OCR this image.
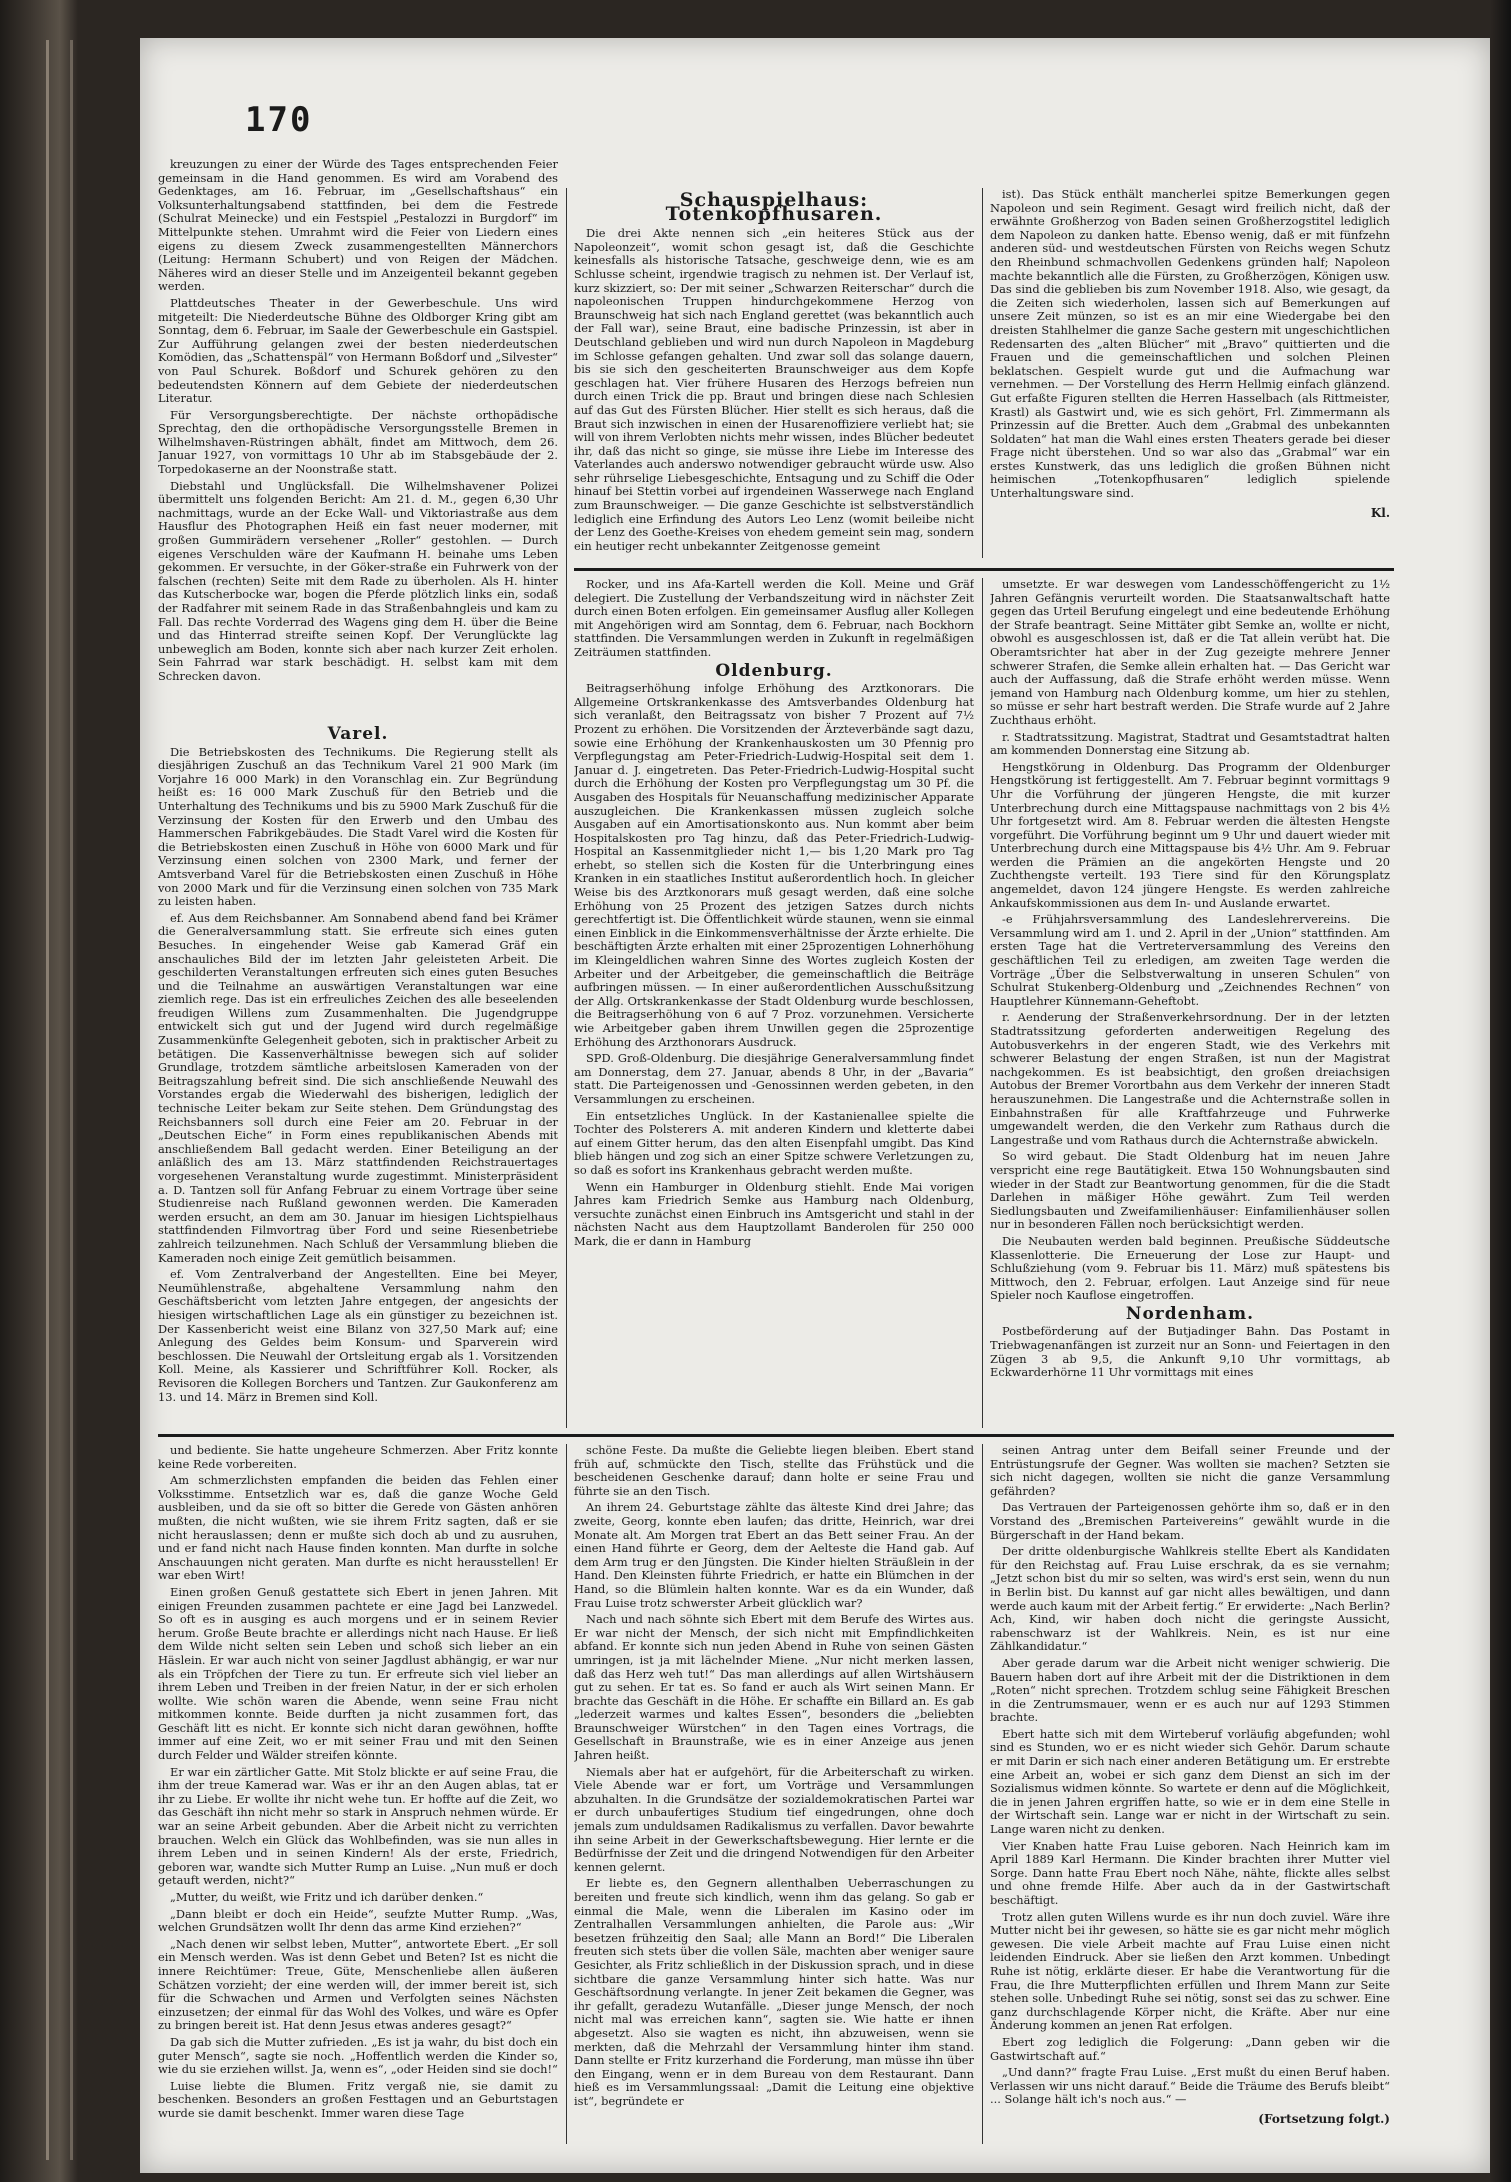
170

kreuzungen zu einer der Würde des Tages entsprechenden Feier gemeinsam in die Hand genommen. Es wird am Vorabend des Gedenktages, am 16. Februar, im „Gesellschaftshaus“ ein Volksunterhaltungsabend stattfinden, bei dem die Festrede (Schulrat Meinecke) und ein Festspiel „Pestalozzi in Burgdorf“ im Mittelpunkte stehen. Umrahmt wird die Feier von Liedern eines eigens zu diesem Zweck zusammengestellten Männerchors (Leitung: Hermann Schubert) und von Reigen der Mädchen. Näheres wird an dieser Stelle und im Anzeigenteil bekannt gegeben werden.

Plattdeutsches Theater in der Gewerbeschule. Uns wird mitgeteilt: Die Niederdeutsche Bühne des Oldborger Kring gibt am Sonntag, dem 6. Februar, im Saale der Gewerbeschule ein Gastspiel. Zur Aufführung gelangen zwei der besten niederdeutschen Komödien, das „Schattenspäl“ von Hermann Boßdorf und „Silvester“ von Paul Schurek. Boßdorf und Schurek gehören zu den bedeutendsten Könnern auf dem Gebiete der niederdeutschen Literatur.

Für Versorgungsberechtigte. Der nächste orthopädische Sprechtag, den die orthopädische Versorgungsstelle Bremen in Wilhelmshaven-Rüstringen abhält, findet am Mittwoch, dem 26. Januar 1927, von vormittags 10 Uhr ab im Stabsgebäude der 2. Torpedokaserne an der Noonstraße statt.

Diebstahl und Unglücksfall. Die Wilhelmshavener Polizei übermittelt uns folgenden Bericht: Am 21. d. M., gegen 6,30 Uhr nachmittags, wurde an der Ecke Wall- und Viktoriastraße aus dem Hausflur des Photographen Heiß ein fast neuer moderner, mit großen Gummirädern versehener „Roller“ gestohlen. — Durch eigenes Verschulden wäre der Kaufmann H. beinahe ums Leben gekommen. Er versuchte, in der Göker-straße ein Fuhrwerk von der falschen (rechten) Seite mit dem Rade zu überholen. Als H. hinter das Kutscherbocke war, bogen die Pferde plötzlich links ein, sodaß der Radfahrer mit seinem Rade in das Straßenbahngleis und kam zu Fall. Das rechte Vorderrad des Wagens ging dem H. über die Beine und das Hinterrad streifte seinen Kopf. Der Verunglückte lag unbeweglich am Boden, konnte sich aber nach kurzer Zeit erholen. Sein Fahrrad war stark beschädigt. H. selbst kam mit dem Schrecken davon.

Varel.

Die Betriebskosten des Technikums. Die Regierung stellt als diesjährigen Zuschuß an das Technikum Varel 21 900 Mark (im Vorjahre 16 000 Mark) in den Voranschlag ein. Zur Begründung heißt es: 16 000 Mark Zuschuß für den Betrieb und die Unterhaltung des Technikums und bis zu 5900 Mark Zuschuß für die Verzinsung der Kosten für den Erwerb und den Umbau des Hammerschen Fabrikgebäudes. Die Stadt Varel wird die Kosten für die Betriebskosten einen Zuschuß in Höhe von 6000 Mark und für Verzinsung einen solchen von 2300 Mark, und ferner der Amtsverband Varel für die Betriebskosten einen Zuschuß in Höhe von 2000 Mark und für die Verzinsung einen solchen von 735 Mark zu leisten haben.

ef. Aus dem Reichsbanner. Am Sonnabend abend fand bei Krämer die Generalversammlung statt. Sie erfreute sich eines guten Besuches. In eingehender Weise gab Kamerad Gräf ein anschauliches Bild der im letzten Jahr geleisteten Arbeit. Die geschilderten Veranstaltungen erfreuten sich eines guten Besuches und die Teilnahme an auswärtigen Veranstaltungen war eine ziemlich rege. Das ist ein erfreuliches Zeichen des alle beseelenden freudigen Willens zum Zusammenhalten. Die Jugendgruppe entwickelt sich gut und der Jugend wird durch regelmäßige Zusammenkünfte Gelegenheit geboten, sich in praktischer Arbeit zu betätigen. Die Kassenverhältnisse bewegen sich auf solider Grundlage, trotzdem sämtliche arbeitslosen Kameraden von der Beitragszahlung befreit sind. Die sich anschließende Neuwahl des Vorstandes ergab die Wiederwahl des bisherigen, lediglich der technische Leiter bekam zur Seite stehen. Dem Gründungstag des Reichsbanners soll durch eine Feier am 20. Februar in der „Deutschen Eiche“ in Form eines republikanischen Abends mit anschließendem Ball gedacht werden. Einer Beteiligung an der anläßlich des am 13. März stattfindenden Reichstrauertages vorgesehenen Veranstaltung wurde zugestimmt. Ministerpräsident a. D. Tantzen soll für Anfang Februar zu einem Vortrage über seine Studienreise nach Rußland gewonnen werden. Die Kameraden werden ersucht, an dem am 30. Januar im hiesigen Lichtspielhaus stattfindenden Filmvortrag über Ford und seine Riesenbetriebe zahlreich teilzunehmen. Nach Schluß der Versammlung blieben die Kameraden noch einige Zeit gemütlich beisammen.

ef. Vom Zentralverband der Angestellten. Eine bei Meyer, Neumühlenstraße, abgehaltene Versammlung nahm den Geschäftsbericht vom letzten Jahre entgegen, der angesichts der hiesigen wirtschaftlichen Lage als ein günstiger zu bezeichnen ist. Der Kassenbericht weist eine Bilanz von 327,50 Mark auf; eine Anlegung des Geldes beim Konsum- und Sparverein wird beschlossen. Die Neuwahl der Ortsleitung ergab als 1. Vorsitzenden Koll. Meine, als Kassierer und Schriftführer Koll. Rocker, als Revisoren die Kollegen Borchers und Tantzen. Zur Gaukonferenz am 13. und 14. März in Bremen sind Koll.

Schauspielhaus: Totenkopfhusaren.

Die drei Akte nennen sich „ein heiteres Stück aus der Napoleonzeit“, womit schon gesagt ist, daß die Geschichte keinesfalls als historische Tatsache, geschweige denn, wie es am Schlusse scheint, irgendwie tragisch zu nehmen ist. Der Verlauf ist, kurz skizziert, so: Der mit seiner „Schwarzen Reiterschar“ durch die napoleonischen Truppen hindurchgekommene Herzog von Braunschweig hat sich nach England gerettet (was bekanntlich auch der Fall war), seine Braut, eine badische Prinzessin, ist aber in Deutschland geblieben und wird nun durch Napoleon in Magdeburg im Schlosse gefangen gehalten. Und zwar soll das solange dauern, bis sie sich den gescheiterten Braunschweiger aus dem Kopfe geschlagen hat. Vier frühere Husaren des Herzogs befreien nun durch einen Trick die pp. Braut und bringen diese nach Schlesien auf das Gut des Fürsten Blücher. Hier stellt es sich heraus, daß die Braut sich inzwischen in einen der Husarenoffiziere verliebt hat; sie will von ihrem Verlobten nichts mehr wissen, indes Blücher bedeutet ihr, daß das nicht so ginge, sie müsse ihre Liebe im Interesse des Vaterlandes auch anderswo notwendiger gebraucht würde usw. Also sehr rührselige Liebesgeschichte, Entsagung und zu Schiff die Oder hinauf bei Stettin vorbei auf irgendeinen Wasserwege nach England zum Braunschweiger. — Die ganze Geschichte ist selbstverständlich lediglich eine Erfindung des Autors Leo Lenz (womit beileibe nicht der Lenz des Goethe-Kreises von ehedem gemeint sein mag, sondern ein heutiger recht unbekannter Zeitgenosse gemeint

ist). Das Stück enthält mancherlei spitze Bemerkungen gegen Napoleon und sein Regiment. Gesagt wird freilich nicht, daß der erwähnte Großherzog von Baden seinen Großherzogstitel lediglich dem Napoleon zu danken hatte. Ebenso wenig, daß er mit fünfzehn anderen süd- und westdeutschen Fürsten von Reichs wegen Schutz den Rheinbund schmachvollen Gedenkens gründen half; Napoleon machte bekanntlich alle die Fürsten, zu Großherzögen, Königen usw. Das sind die geblieben bis zum November 1918. Also, wie gesagt, da die Zeiten sich wiederholen, lassen sich auf Bemerkungen auf unsere Zeit münzen, so ist es an mir eine Wiedergabe bei den dreisten Stahlhelmer die ganze Sache gestern mit ungeschichtlichen Redensarten des „alten Blücher“ mit „Bravo“ quittierten und die Frauen und die gemeinschaftlichen und solchen Pleinen beklatschen. Gespielt wurde gut und die Aufmachung war vernehmen. — Der Vorstellung des Herrn Hellmig einfach glänzend. Gut erfaßte Figuren stellten die Herren Hasselbach (als Rittmeister, Krastl) als Gastwirt und, wie es sich gehört, Frl. Zimmermann als Prinzessin auf die Bretter. Auch dem „Grabmal des unbekannten Soldaten“ hat man die Wahl eines ersten Theaters gerade bei dieser Frage nicht überstehen. Und so war also das „Grabmal“ war ein erstes Kunstwerk, das uns lediglich die großen Bühnen nicht heimischen „Totenkopfhusaren“ lediglich spielende Unterhaltungsware sind.

Kl.

Rocker, und ins Afa-Kartell werden die Koll. Meine und Gräf delegiert. Die Zustellung der Verbandszeitung wird in nächster Zeit durch einen Boten erfolgen. Ein gemeinsamer Ausflug aller Kollegen mit Angehörigen wird am Sonntag, dem 6. Februar, nach Bockhorn stattfinden. Die Versammlungen werden in Zukunft in regelmäßigen Zeiträumen stattfinden.

Oldenburg.

Beitragserhöhung infolge Erhöhung des Arztkonorars. Die Allgemeine Ortskrankenkasse des Amtsverbandes Oldenburg hat sich veranlaßt, den Beitragssatz von bisher 7 Prozent auf 7½ Prozent zu erhöhen. Die Vorsitzenden der Ärzteverbände sagt dazu, sowie eine Erhöhung der Krankenhauskosten um 30 Pfennig pro Verpflegungstag am Peter-Friedrich-Ludwig-Hospital seit dem 1. Januar d. J. eingetreten. Das Peter-Friedrich-Ludwig-Hospital sucht durch die Erhöhung der Kosten pro Verpflegungstag um 30 Pf. die Ausgaben des Hospitals für Neuanschaffung medizinischer Apparate auszugleichen. Die Krankenkassen müssen zugleich solche Ausgaben auf ein Amortisationskonto aus. Nun kommt aber beim Hospitalskosten pro Tag hinzu, daß das Peter-Friedrich-Ludwig-Hospital an Kassenmitglieder nicht 1,— bis 1,20 Mark pro Tag erhebt, so stellen sich die Kosten für die Unterbringung eines Kranken in ein staatliches Institut außerordentlich hoch. In gleicher Weise bis des Arztkonorars muß gesagt werden, daß eine solche Erhöhung von 25 Prozent des jetzigen Satzes durch nichts gerechtfertigt ist. Die Öffentlichkeit würde staunen, wenn sie einmal einen Einblick in die Einkommensverhältnisse der Ärzte erhielte. Die beschäftigten Ärzte erhalten mit einer 25prozentigen Lohnerhöhung im Kleingeldlichen wahren Sinne des Wortes zugleich Kosten der Arbeiter und der Arbeitgeber, die gemeinschaftlich die Beiträge aufbringen müssen. — In einer außerordentlichen Ausschußsitzung der Allg. Ortskrankenkasse der Stadt Oldenburg wurde beschlossen, die Beitragserhöhung von 6 auf 7 Proz. vorzunehmen. Versicherte wie Arbeitgeber gaben ihrem Unwillen gegen die 25prozentige Erhöhung des Arzthonorars Ausdruck.

SPD. Groß-Oldenburg. Die diesjährige Generalversammlung findet am Donnerstag, dem 27. Januar, abends 8 Uhr, in der „Bavaria“ statt. Die Parteigenossen und -Genossinnen werden gebeten, in den Versammlungen zu erscheinen.

Ein entsetzliches Unglück. In der Kastanienallee spielte die Tochter des Polsterers A. mit anderen Kindern und kletterte dabei auf einem Gitter herum, das den alten Eisenpfahl umgibt. Das Kind blieb hängen und zog sich an einer Spitze schwere Verletzungen zu, so daß es sofort ins Krankenhaus gebracht werden mußte.

Wenn ein Hamburger in Oldenburg stiehlt. Ende Mai vorigen Jahres kam Friedrich Semke aus Hamburg nach Oldenburg, versuchte zunächst einen Einbruch ins Amtsgericht und stahl in der nächsten Nacht aus dem Hauptzollamt Banderolen für 250 000 Mark, die er dann in Hamburg

umsetzte. Er war deswegen vom Landesschöffengericht zu 1½ Jahren Gefängnis verurteilt worden. Die Staatsanwaltschaft hatte gegen das Urteil Berufung eingelegt und eine bedeutende Erhöhung der Strafe beantragt. Seine Mittäter gibt Semke an, wollte er nicht, obwohl es ausgeschlossen ist, daß er die Tat allein verübt hat. Die Oberamtsrichter hat aber in der Zug gezeigte mehrere Jenner schwerer Strafen, die Semke allein erhalten hat. — Das Gericht war auch der Auffassung, daß die Strafe erhöht werden müsse. Wenn jemand von Hamburg nach Oldenburg komme, um hier zu stehlen, so müsse er sehr hart bestraft werden. Die Strafe wurde auf 2 Jahre Zuchthaus erhöht.

r. Stadtratssitzung. Magistrat, Stadtrat und Gesamtstadtrat halten am kommenden Donnerstag eine Sitzung ab.

Hengstkörung in Oldenburg. Das Programm der Oldenburger Hengstkörung ist fertiggestellt. Am 7. Februar beginnt vormittags 9 Uhr die Vorführung der jüngeren Hengste, die mit kurzer Unterbrechung durch eine Mittagspause nachmittags von 2 bis 4½ Uhr fortgesetzt wird. Am 8. Februar werden die ältesten Hengste vorgeführt. Die Vorführung beginnt um 9 Uhr und dauert wieder mit Unterbrechung durch eine Mittagspause bis 4½ Uhr. Am 9. Februar werden die Prämien an die angekörten Hengste und 20 Zuchthengste verteilt. 193 Tiere sind für den Körungsplatz angemeldet, davon 124 jüngere Hengste. Es werden zahlreiche Ankaufskommissionen aus dem In- und Auslande erwartet.

-e Frühjahrsversammlung des Landeslehrervereins. Die Versammlung wird am 1. und 2. April in der „Union“ stattfinden. Am ersten Tage hat die Vertreterversammlung des Vereins den geschäftlichen Teil zu erledigen, am zweiten Tage werden die Vorträge „Über die Selbstverwaltung in unseren Schulen“ von Schulrat Stukenberg-Oldenburg und „Zeichnendes Rechnen“ von Hauptlehrer Künnemann-Geheftobt.

r. Aenderung der Straßenverkehrsordnung. Der in der letzten Stadtratssitzung geforderten anderweitigen Regelung des Autobusverkehrs in der engeren Stadt, wie des Verkehrs mit schwerer Belastung der engen Straßen, ist nun der Magistrat nachgekommen. Es ist beabsichtigt, den großen dreiachsigen Autobus der Bremer Vorortbahn aus dem Verkehr der inneren Stadt herauszunehmen. Die Langestraße und die Achternstraße sollen in Einbahnstraßen für alle Kraftfahrzeuge und Fuhrwerke umgewandelt werden, die den Verkehr zum Rathaus durch die Langestraße und vom Rathaus durch die Achternstraße abwickeln.

So wird gebaut. Die Stadt Oldenburg hat im neuen Jahre verspricht eine rege Bautätigkeit. Etwa 150 Wohnungsbauten sind wieder in der Stadt zur Beantwortung genommen, für die die Stadt Darlehen in mäßiger Höhe gewährt. Zum Teil werden Siedlungsbauten und Zweifamilienhäuser: Einfamilienhäuser sollen nur in besonderen Fällen noch berücksichtigt werden.

Die Neubauten werden bald beginnen. Preußische Süddeutsche Klassenlotterie. Die Erneuerung der Lose zur Haupt- und Schlußziehung (vom 9. Februar bis 11. März) muß spätestens bis Mittwoch, den 2. Februar, erfolgen. Laut Anzeige sind für neue Spieler noch Kauflose eingetroffen.

Nordenham.

Postbeförderung auf der Butjadinger Bahn. Das Postamt in Triebwagenanfängen ist zurzeit nur an Sonn- und Feiertagen in den Zügen 3 ab 9,5, die Ankunft 9,10 Uhr vormittags, ab Eckwarderhörne 11 Uhr vormittags mit eines

und bediente. Sie hatte ungeheure Schmerzen. Aber Fritz konnte keine Rede vorbereiten.

Am schmerzlichsten empfanden die beiden das Fehlen einer Volksstimme. Entsetzlich war es, daß die ganze Woche Geld ausbleiben, und da sie oft so bitter die Gerede von Gästen anhören mußten, die nicht wußten, wie sie ihrem Fritz sagten, daß er sie nicht herauslassen; denn er mußte sich doch ab und zu ausruhen, und er fand nicht nach Hause finden konnten. Man durfte in solche Anschauungen nicht geraten. Man durfte es nicht herausstellen! Er war eben Wirt!

Einen großen Genuß gestattete sich Ebert in jenen Jahren. Mit einigen Freunden zusammen pachtete er eine Jagd bei Lanzwedel. So oft es in ausging es auch morgens und er in seinem Revier herum. Große Beute brachte er allerdings nicht nach Hause. Er ließ dem Wilde nicht selten sein Leben und schoß sich lieber an ein Häslein. Er war auch nicht von seiner Jagdlust abhängig, er war nur als ein Tröpfchen der Tiere zu tun. Er erfreute sich viel lieber an ihrem Leben und Treiben in der freien Natur, in der er sich erholen wollte. Wie schön waren die Abende, wenn seine Frau nicht mitkommen konnte. Beide durften ja nicht zusammen fort, das Geschäft litt es nicht. Er konnte sich nicht daran gewöhnen, hoffte immer auf eine Zeit, wo er mit seiner Frau und mit den Seinen durch Felder und Wälder streifen könnte.

Er war ein zärtlicher Gatte. Mit Stolz blickte er auf seine Frau, die ihm der treue Kamerad war. Was er ihr an den Augen ablas, tat er ihr zu Liebe. Er wollte ihr nicht wehe tun. Er hoffte auf die Zeit, wo das Geschäft ihn nicht mehr so stark in Anspruch nehmen würde. Er war an seine Arbeit gebunden. Aber die Arbeit nicht zu verrichten brauchen. Welch ein Glück das Wohlbefinden, was sie nun alles in ihrem Leben und in seinen Kindern! Als der erste, Friedrich, geboren war, wandte sich Mutter Rump an Luise. „Nun muß er doch getauft werden, nicht?“

„Mutter, du weißt, wie Fritz und ich darüber denken.“

„Dann bleibt er doch ein Heide“, seufzte Mutter Rump. „Was, welchen Grundsätzen wollt Ihr denn das arme Kind erziehen?“

„Nach denen wir selbst leben, Mutter“, antwortete Ebert. „Er soll ein Mensch werden. Was ist denn Gebet und Beten? Ist es nicht die innere Reichtümer: Treue, Güte, Menschenliebe allen äußeren Schätzen vorzieht; der eine werden will, der immer bereit ist, sich für die Schwachen und Armen und Verfolgten seines Nächsten einzusetzen; der einmal für das Wohl des Volkes, und wäre es Opfer zu bringen bereit ist. Hat denn Jesus etwas anderes gesagt?“

Da gab sich die Mutter zufrieden. „Es ist ja wahr, du bist doch ein guter Mensch“, sagte sie noch. „Hoffentlich werden die Kinder so, wie du sie erziehen willst. Ja, wenn es“, „oder Heiden sind sie doch!“

Luise liebte die Blumen. Fritz vergaß nie, sie damit zu beschenken. Besonders an großen Festtagen und an Geburtstagen wurde sie damit beschenkt. Immer waren diese Tage

schöne Feste. Da mußte die Geliebte liegen bleiben. Ebert stand früh auf, schmückte den Tisch, stellte das Frühstück und die bescheidenen Geschenke darauf; dann holte er seine Frau und führte sie an den Tisch.

An ihrem 24. Geburtstage zählte das älteste Kind drei Jahre; das zweite, Georg, konnte eben laufen; das dritte, Heinrich, war drei Monate alt. Am Morgen trat Ebert an das Bett seiner Frau. An der einen Hand führte er Georg, dem der Aelteste die Hand gab. Auf dem Arm trug er den Jüngsten. Die Kinder hielten Sträußlein in der Hand. Den Kleinsten führte Friedrich, er hatte ein Blümchen in der Hand, so die Blümlein halten konnte. War es da ein Wunder, daß Frau Luise trotz schwerster Arbeit glücklich war?

Nach und nach söhnte sich Ebert mit dem Berufe des Wirtes aus. Er war nicht der Mensch, der sich nicht mit Empfindlichkeiten abfand. Er konnte sich nun jeden Abend in Ruhe von seinen Gästen umringen, ist ja mit lächelnder Miene. „Nur nicht merken lassen, daß das Herz weh tut!“ Das man allerdings auf allen Wirtshäusern gut zu sehen. Er tat es. So fand er auch als Wirt seinen Mann. Er brachte das Geschäft in die Höhe. Er schaffte ein Billard an. Es gab „lederzeit warmes und kaltes Essen“, besonders die „beliebten Braunschweiger Würstchen“ in den Tagen eines Vortrags, die Gesellschaft in Braunstraße, wie es in einer Anzeige aus jenen Jahren heißt.

Niemals aber hat er aufgehört, für die Arbeiterschaft zu wirken. Viele Abende war er fort, um Vorträge und Versammlungen abzuhalten. In die Grundsätze der sozialdemokratischen Partei war er durch unbaufertiges Studium tief eingedrungen, ohne doch jemals zum unduldsamen Radikalismus zu verfallen. Davor bewahrte ihn seine Arbeit in der Gewerkschaftsbewegung. Hier lernte er die Bedürfnisse der Zeit und die dringend Notwendigen für den Arbeiter kennen gelernt.

Er liebte es, den Gegnern allenthalben Ueberraschungen zu bereiten und freute sich kindlich, wenn ihm das gelang. So gab er einmal die Male, wenn die Liberalen im Kasino oder im Zentralhallen Versammlungen anhielten, die Parole aus: „Wir besetzen frühzeitig den Saal; alle Mann an Bord!“ Die Liberalen freuten sich stets über die vollen Säle, machten aber weniger saure Gesichter, als Fritz schließlich in der Diskussion sprach, und in diese sichtbare die ganze Versammlung hinter sich hatte. Was nur Geschäftsordnung verlangte. In jener Zeit bekamen die Gegner, was ihr gefallt, geradezu Wutanfälle. „Dieser junge Mensch, der noch nicht mal was erreichen kann“, sagten sie. Wie hatte er ihnen abgesetzt. Also sie wagten es nicht, ihn abzuweisen, wenn sie merkten, daß die Mehrzahl der Versammlung hinter ihm stand. Dann stellte er Fritz kurzerhand die Forderung, man müsse ihn über den Eingang, wenn er in dem Bureau von dem Restaurant. Dann hieß es im Versammlungssaal: „Damit die Leitung eine objektive ist“, begründete er

seinen Antrag unter dem Beifall seiner Freunde und der Entrüstungsrufe der Gegner. Was wollten sie machen? Setzten sie sich nicht dagegen, wollten sie nicht die ganze Versammlung gefährden?

Das Vertrauen der Parteigenossen gehörte ihm so, daß er in den Vorstand des „Bremischen Parteivereins“ gewählt wurde in die Bürgerschaft in der Hand bekam.

Der dritte oldenburgische Wahlkreis stellte Ebert als Kandidaten für den Reichstag auf. Frau Luise erschrak, da es sie vernahm; „Jetzt schon bist du mir so selten, was wird's erst sein, wenn du nun in Berlin bist. Du kannst auf gar nicht alles bewältigen, und dann werde auch kaum mit der Arbeit fertig.“ Er erwiderte: „Nach Berlin? Ach, Kind, wir haben doch nicht die geringste Aussicht, rabenschwarz ist der Wahlkreis. Nein, es ist nur eine Zählkandidatur.“

Aber gerade darum war die Arbeit nicht weniger schwierig. Die Bauern haben dort auf ihre Arbeit mit der die Distriktionen in dem „Roten“ nicht sprechen. Trotzdem schlug seine Fähigkeit Breschen in die Zentrumsmauer, wenn er es auch nur auf 1293 Stimmen brachte.

Ebert hatte sich mit dem Wirteberuf vorläufig abgefunden; wohl sind es Stunden, wo er es nicht wieder sich Gehör. Darum schaute er mit Darin er sich nach einer anderen Betätigung um. Er erstrebte eine Arbeit an, wobei er sich ganz dem Dienst an sich im der Sozialismus widmen könnte. So wartete er denn auf die Möglichkeit, die in jenen Jahren ergriffen hatte, so wie er in dem eine Stelle in der Wirtschaft sein. Lange war er nicht in der Wirtschaft zu sein. Lange waren nicht zu denken.

Vier Knaben hatte Frau Luise geboren. Nach Heinrich kam im April 1889 Karl Hermann. Die Kinder brachten ihrer Mutter viel Sorge. Dann hatte Frau Ebert noch Nähe, nähte, flickte alles selbst und ohne fremde Hilfe. Aber auch da in der Gastwirtschaft beschäftigt.

Trotz allen guten Willens wurde es ihr nun doch zuviel. Wäre ihre Mutter nicht bei ihr gewesen, so hätte sie es gar nicht mehr möglich gewesen. Die viele Arbeit machte auf Frau Luise einen nicht leidenden Eindruck. Aber sie ließen den Arzt kommen. Unbedingt Ruhe ist nötig, erklärte dieser. Er habe die Verantwortung für die Frau, die Ihre Mutterpflichten erfüllen und Ihrem Mann zur Seite stehen solle. Unbedingt Ruhe sei nötig, sonst sei das zu schwer. Eine ganz durchschlagende Körper nicht, die Kräfte. Aber nur eine Änderung kommen an jenen Rat erfolgen.

Ebert zog lediglich die Folgerung: „Dann geben wir die Gastwirtschaft auf.“

„Und dann?“ fragte Frau Luise. „Erst mußt du einen Beruf haben. Verlassen wir uns nicht darauf.“ Beide die Träume des Berufs bleibt“ ... Solange hält ich's noch aus.“ —

(Fortsetzung folgt.)
